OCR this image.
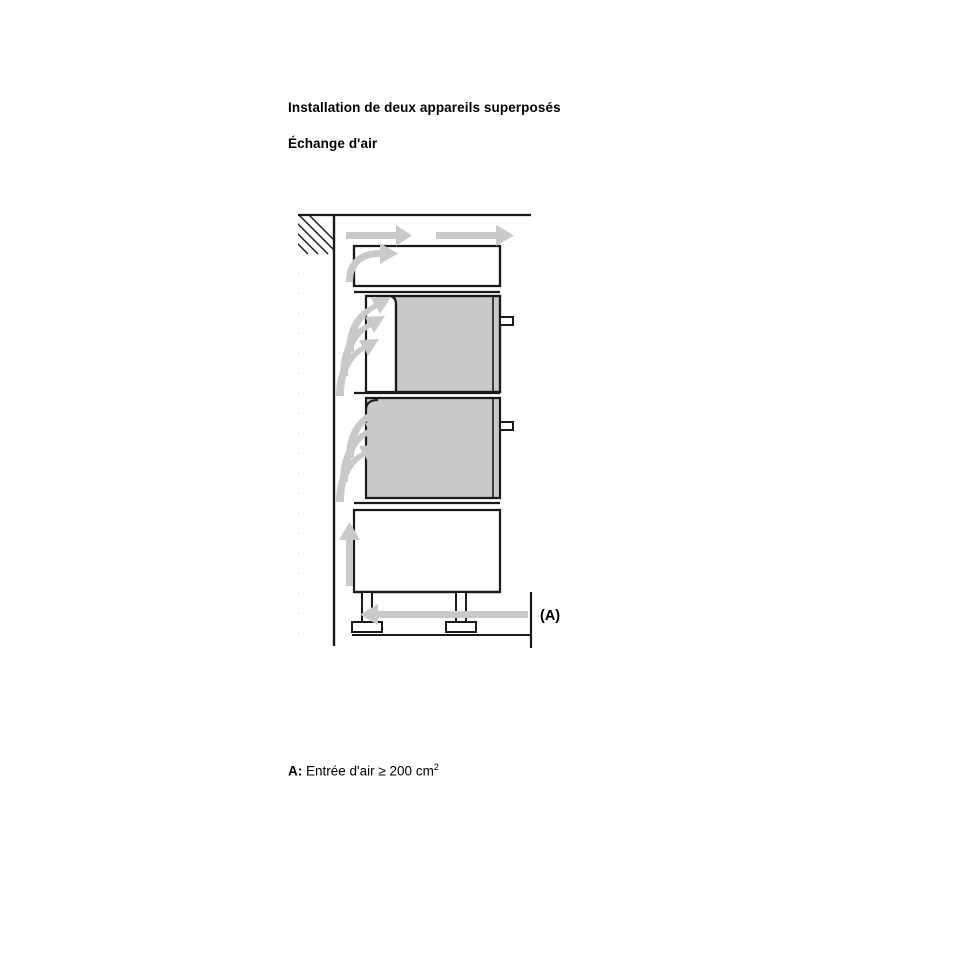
Installation de deux appareils superposés
Échange d'air
(A)
A: Entrée d'air ≥ 200 $cm^2$
